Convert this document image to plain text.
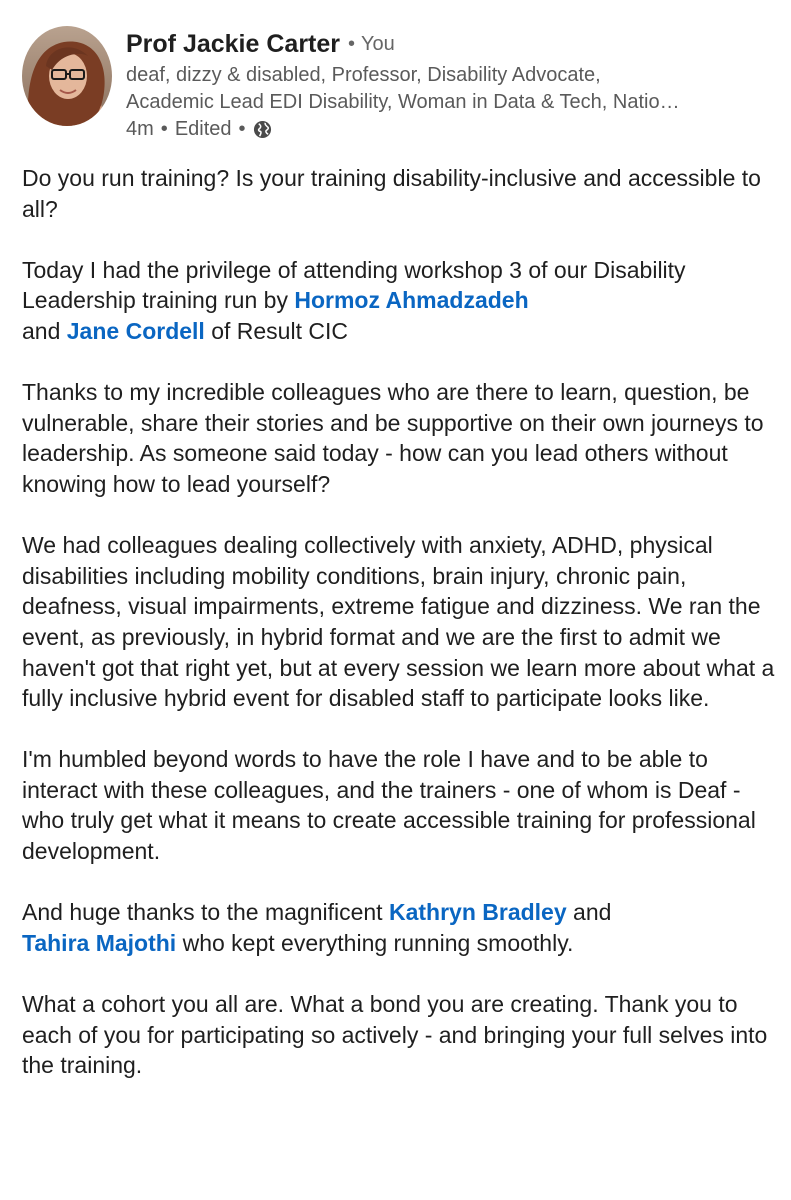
Prof Jackie Carter • You
deaf, dizzy & disabled, Professor, Disability Advocate,
Academic Lead EDI Disability, Woman in Data & Tech, Natio…
4m • Edited •

Do you run training? Is your training disability-inclusive and accessible to all?

Today I had the privilege of attending workshop 3 of our Disability Leadership training run by Hormoz Ahmadzadeh
and Jane Cordell of Result CIC

Thanks to my incredible colleagues who are there to learn, question, be vulnerable, share their stories and be supportive on their own journeys to leadership. As someone said today - how can you lead others without knowing how to lead yourself?

We had colleagues dealing collectively with anxiety, ADHD, physical disabilities including mobility conditions, brain injury, chronic pain, deafness, visual impairments, extreme fatigue and dizziness. We ran the event, as previously, in hybrid format and we are the first to admit we haven't got that right yet, but at every session we learn more about what a fully inclusive hybrid event for disabled staff to participate looks like.

I'm humbled beyond words to have the role I have and to be able to interact with these colleagues, and the trainers - one of whom is Deaf - who truly get what it means to create accessible training for professional development.

And huge thanks to the magnificent Kathryn Bradley and
Tahira Majothi who kept everything running smoothly.

What a cohort you all are. What a bond you are creating. Thank you to each of you for participating so actively - and bringing your full selves into the training.
